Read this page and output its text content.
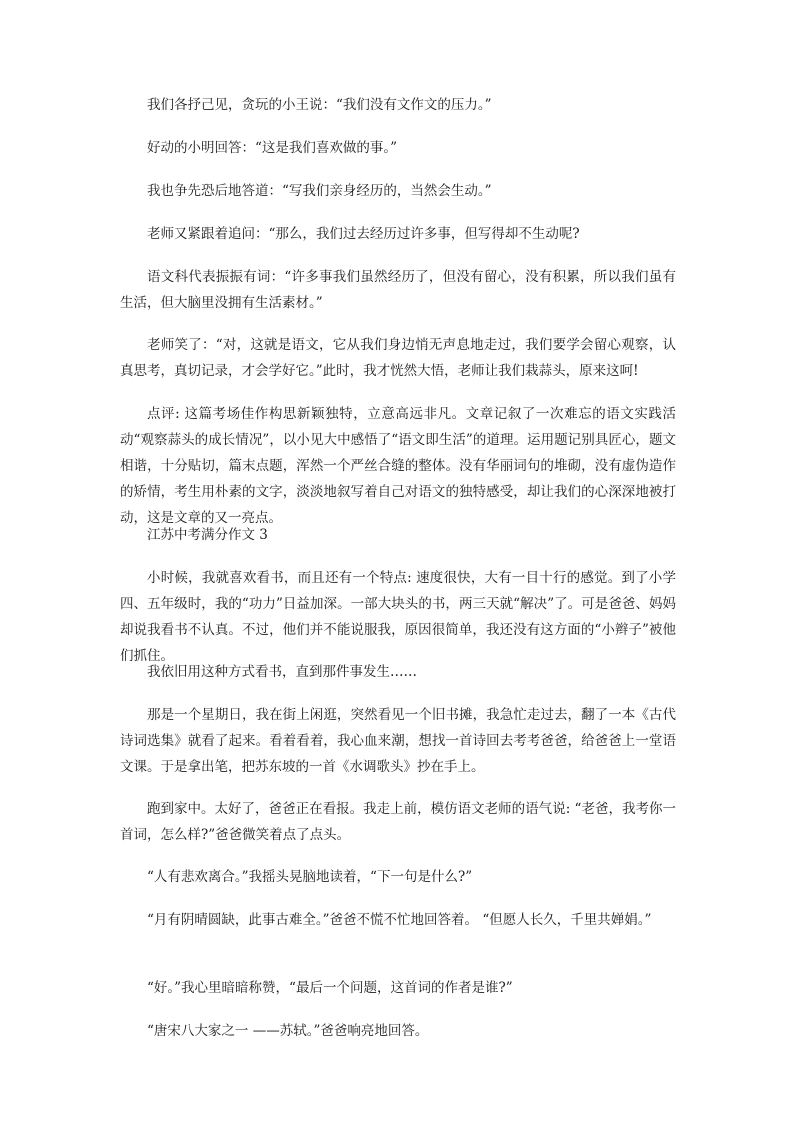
我们各抒己见，贪玩的小王说：“我们没有文作文的压力。”

好动的小明回答：“这是我们喜欢做的事。”

我也争先恐后地答道：“写我们亲身经历的，当然会生动。”

老师又紧跟着追问：“那么，我们过去经历过许多事，但写得却不生动呢?

语文科代表振振有词：“许多事我们虽然经历了，但没有留心，没有积累，所以我们虽有生活，但大脑里没拥有生活素材。”

老师笑了：“对，这就是语文，它从我们身边悄无声息地走过，我们要学会留心观察，认真思考，真切记录，才会学好它。”此时，我才恍然大悟，老师让我们栽蒜头，原来这呵!

点评: 这篇考场佳作构思新颖独特，立意高远非凡。文章记叙了一次难忘的语文实践活动“观察蒜头的成长情况”，以小见大中感悟了“语文即生活”的道理。运用题记别具匠心，题文相谐，十分贴切，篇末点题，浑然一个严丝合缝的整体。没有华丽词句的堆砌，没有虚伪造作的矫情，考生用朴素的文字，淡淡地叙写着自己对语文的独特感受，却让我们的心深深地被打动，这是文章的又一亮点。

江苏中考满分作文 3

小时候，我就喜欢看书，而且还有一个特点: 速度很快，大有一目十行的感觉。到了小学四、五年级时，我的“功力”日益加深。一部大块头的书，两三天就“解决”了。可是爸爸、妈妈却说我看书不认真。不过，他们并不能说服我，原因很简单，我还没有这方面的“小辫子”被他们抓住。

我依旧用这种方式看书，直到那件事发生……

那是一个星期日，我在街上闲逛，突然看见一个旧书摊，我急忙走过去，翻了一本《古代诗词选集》就看了起来。看着看着，我心血来潮，想找一首诗回去考考爸爸，给爸爸上一堂语文课。于是拿出笔，把苏东坡的一首《水调歌头》抄在手上。

跑到家中。太好了，爸爸正在看报。我走上前，模仿语文老师的语气说: “老爸，我考你一首词，怎么样?”爸爸微笑着点了点头。

“人有悲欢离合。”我摇头晃脑地读着，“下一句是什么?”

“月有阴晴圆缺，此事古难全。”爸爸不慌不忙地回答着。 “但愿人长久，千里共婵娟。”

“好。”我心里暗暗称赞，“最后一个问题，这首词的作者是谁?”

“唐宋八大家之一 ——苏轼。”爸爸响亮地回答。
